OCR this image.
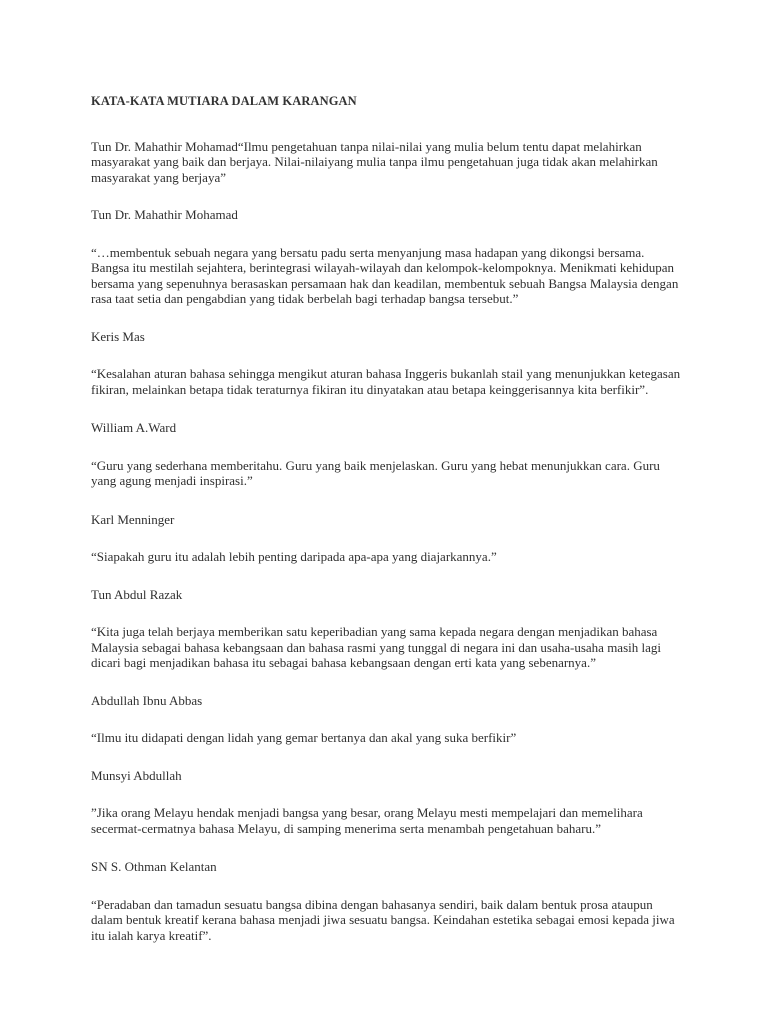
KATA-KATA MUTIARA DALAM KARANGAN

Tun Dr. Mahathir Mohamad“Ilmu pengetahuan tanpa nilai-nilai yang mulia belum tentu dapat melahirkan masyarakat yang baik dan berjaya. Nilai-nilaiyang mulia tanpa ilmu pengetahuan juga tidak akan melahirkan masyarakat yang berjaya”

Tun Dr. Mahathir Mohamad

“…membentuk sebuah negara yang bersatu padu serta menyanjung masa hadapan yang dikongsi bersama. Bangsa itu mestilah sejahtera, berintegrasi wilayah-wilayah dan kelompok-kelompoknya. Menikmati kehidupan bersama yang sepenuhnya berasaskan persamaan hak dan keadilan, membentuk sebuah Bangsa Malaysia dengan rasa taat setia dan pengabdian yang tidak berbelah bagi terhadap bangsa tersebut.”

Keris Mas

“Kesalahan aturan bahasa sehingga mengikut aturan bahasa Inggeris bukanlah stail yang menunjukkan ketegasan fikiran, melainkan betapa tidak teraturnya fikiran itu dinyatakan atau betapa keinggerisannya kita berfikir”.

William A.Ward

“Guru yang sederhana memberitahu. Guru yang baik menjelaskan. Guru yang hebat menunjukkan cara. Guru yang agung menjadi inspirasi.”

Karl Menninger

“Siapakah guru itu adalah lebih penting daripada apa-apa yang diajarkannya.”

Tun Abdul Razak

“Kita juga telah berjaya memberikan satu keperibadian yang sama kepada negara dengan menjadikan bahasa Malaysia sebagai bahasa kebangsaan dan bahasa rasmi yang tunggal di negara ini dan usaha-usaha masih lagi dicari bagi menjadikan bahasa itu sebagai bahasa kebangsaan dengan erti kata yang sebenarnya.”

Abdullah Ibnu Abbas

“Ilmu itu didapati dengan lidah yang gemar bertanya dan akal yang suka berfikir”

Munsyi Abdullah

”Jika orang Melayu hendak menjadi bangsa yang besar, orang Melayu mesti mempelajari dan memelihara secermat-cermatnya bahasa Melayu, di samping menerima serta menambah pengetahuan baharu.”

SN S. Othman Kelantan

“Peradaban dan tamadun sesuatu bangsa dibina dengan bahasanya sendiri, baik dalam bentuk prosa ataupun dalam bentuk kreatif kerana bahasa menjadi jiwa sesuatu bangsa. Keindahan estetika sebagai emosi kepada jiwa itu ialah karya kreatif”.
